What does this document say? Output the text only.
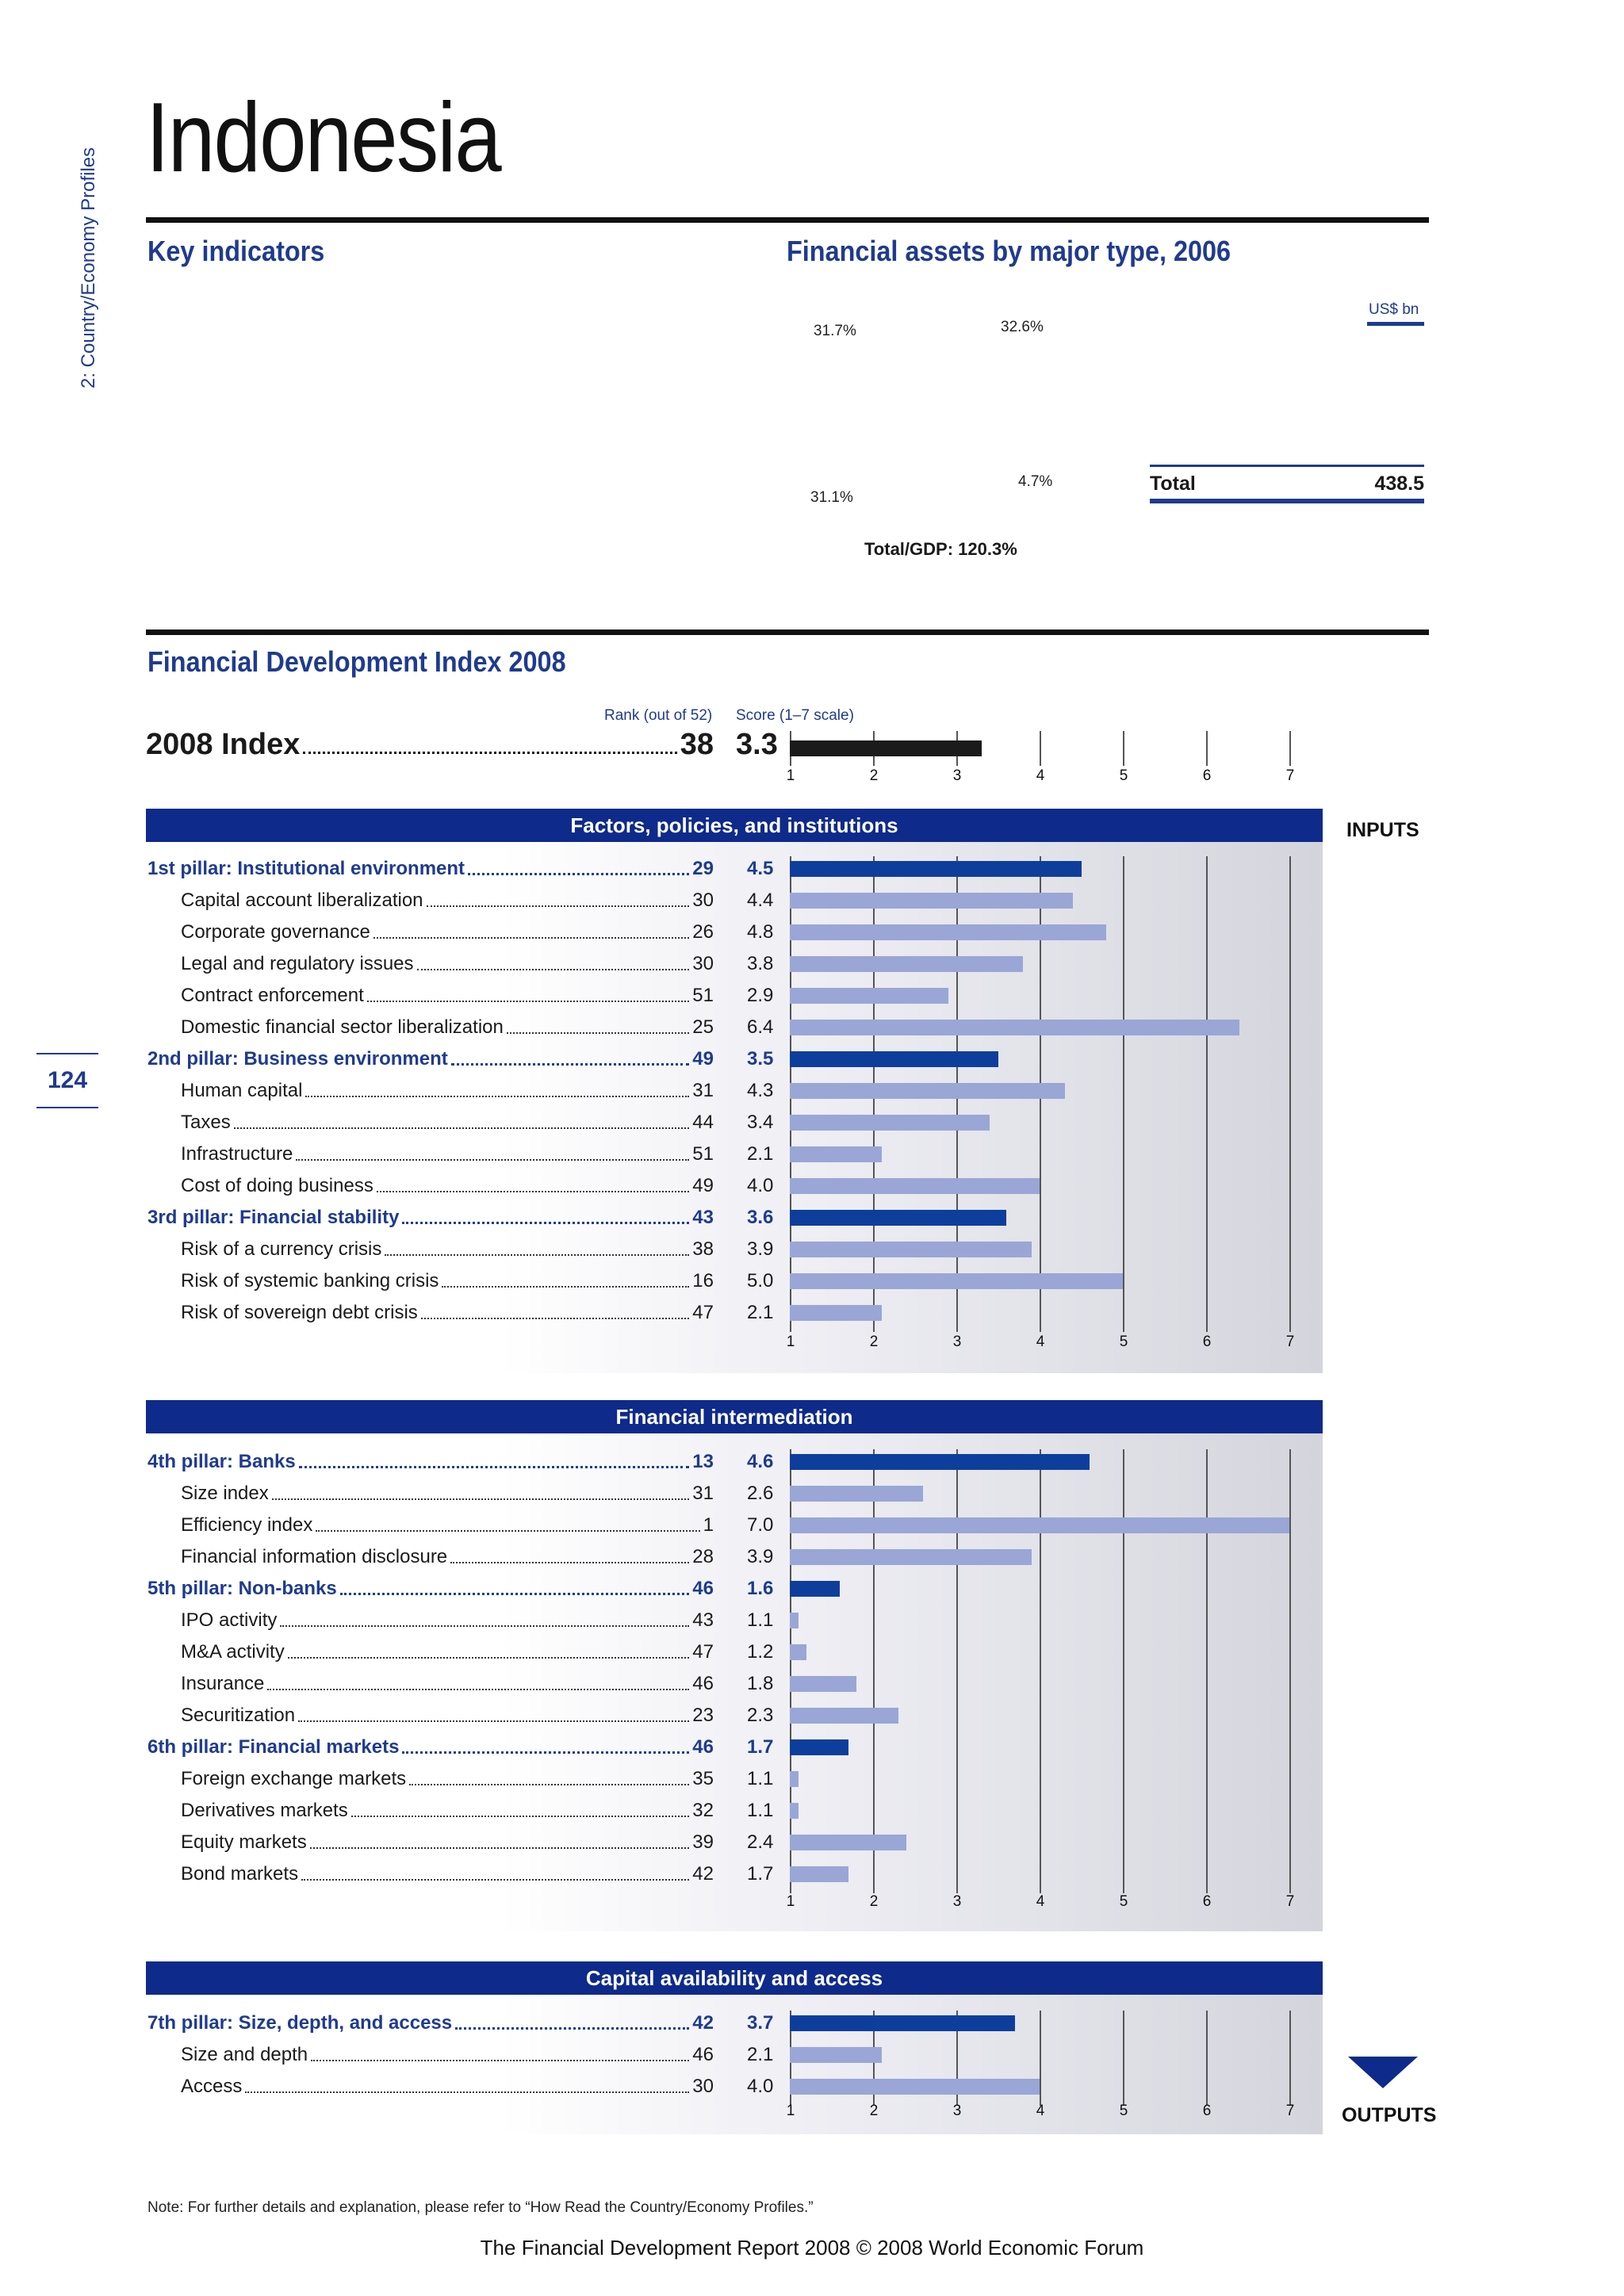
2: Country/Economy Profiles
124
Indonesia
Key indicators	Financial assets by major type, 2006
32.6%
4.7%
31.1%
31.7%
Total/GDP: 120.3%
US$ bn
Total	438.5
Financial Development Index 2008
Rank (out of 52) Score (1–7 scale)
2008 Index	38 3.3
INPUTS
OUTPUTS
1	2	3	4	5	6	7
Factors, policies, and institutions
1st pillar: Institutional environment	29 4.5
Capital account liberalization	30 4.4
Corporate governance	26 4.8
Legal and regulatory issues	30 3.8
Contract enforcement	51 2.9
Domestic financial sector liberalization	25 6.4
2nd pillar: Business environment	49 3.5
Human capital	31 4.3
Taxes	44 3.4
Infrastructure	51 2.1
Cost of doing business	49 4.0
3rd pillar: Financial stability	43 3.6
Risk of a currency crisis	38 3.9
Risk of systemic banking crisis	16 5.0
Risk of sovereign debt crisis	47 2.1
1	2	3	4	5	6	7
Financial intermediation
4th pillar: Banks	13 4.6
Size index	31 2.6
Efficiency index	1 7.0
Financial information disclosure	28 3.9
5th pillar: Non-banks	46 1.6
IPO activity	43 1.1
M&A activity	47 1.2
Insurance	46 1.8
Securitization	23 2.3
6th pillar: Financial markets	46 1.7
Foreign exchange markets	35 1.1
Derivatives markets	32 1.1
Equity markets	39 2.4
Bond markets	42 1.7
1	2	3	4	5	6	7
Capital availability and access
7th pillar: Size, depth, and access	42 3.7
Size and depth	46 2.1
Access	30 4.0
1	2	3	4	5	6	7
Note: For further details and explanation, please refer to “How Read the Country/Economy Profiles.”
The Financial Development Report 2008 © 2008 World Economic Forum
